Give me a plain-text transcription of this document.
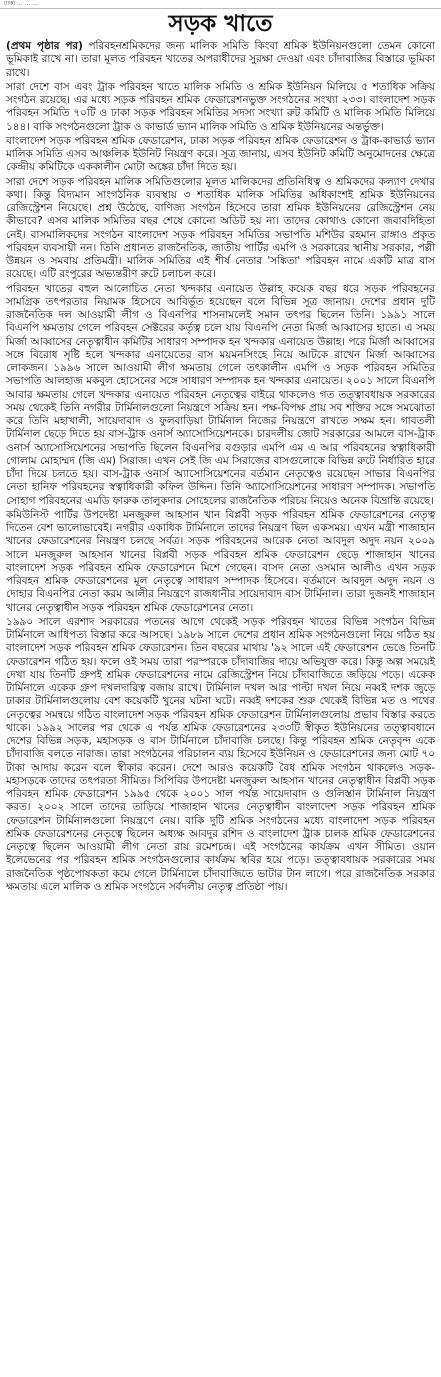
ঢাকা ... ... ...
সড়ক খাতে

(প্রথম পৃষ্ঠার পর) পরিবহনশ্রমিকদের জন্য মালিক সমিতি কিংবা শ্রমিক ইউনিয়নগুলো তেমন কোনো ভূমিকাই রাখে না। তারা মূলত পরিবহন খাতের অপরাধীদের সুরক্ষা দেওয়া এবং চাঁদাবাজির বিস্তারে ভূমিকা রাখে।

সারা দেশে বাস এবং ট্রাক পরিবহন খাতে মালিক সমিতি ও শ্রমিক ইউনিয়ন মিলিয়ে ৫ শতাধিক সক্রিয় সংগঠন রয়েছে। এর মধ্যে সড়ক পরিবহন শ্রমিক ফেডারেশনভুক্ত সংগঠনের সংখ্যা ২৩৩। বাংলাদেশ সড়ক পরিবহন সমিতি ৭০টি ও ঢাকা সড়ক পরিবহন সমিতির সদস্য সংখ্যা রুট কমিটি ও মালিক সমিতি মিলিয়ে ১৪৪। বাকি সংগঠনগুলো ট্রাক ও কাভার্ড ভ্যান মালিক সমিতি ও শ্রমিক ইউনিয়নের অন্তর্ভুক্ত।

বাংলাদেশ সড়ক পরিবহন শ্রমিক ফেডারেশন, ঢাকা সড়ক পরিবহন শ্রমিক ফেডারেশন ও ট্রাক-কাভার্ড ভ্যান মালিক সমিতি এসব আঞ্চলিক ইউনিট নিয়ন্ত্রণ করে। সূত্র জানায়, এসব ইউনিট কমিটি অনুমোদনের ক্ষেত্রে কেন্দ্রীয় কমিটিকে এককালীন মোটা অঙ্কের চাঁদা দিতে হয়।

সারা দেশে সড়ক পরিবহন মালিক সমিতিগুলোর মূলত মালিকদের প্রতিনিধিত্ব ও শ্রমিকদের কল্যাণ দেখার কথা। কিন্তু বিদ্যমান সাংগঠনিক ব্যবস্থায় ৩ শতাধিক মালিক সমিতির অধিকাংশই শ্রমিক ইউনিয়নের রেজিস্ট্রেশন নিয়েছে। প্রশ্ন উঠেছে, বাণিজ্য সংগঠন হিসেবে তারা শ্রমিক ইউনিয়নের রেজিস্ট্রেশন নেয় কীভাবে? এসব মালিক সমিতির বছর শেষে কোনো অডিট হয় না। তাদের কোথাও কোনো জবাবদিহিতা নেই। বাসমালিকদের সংগঠন বাংলাদেশ সড়ক পরিবহন সমিতির সভাপতি মশিউর রহমান রাঙ্গাও প্রকৃত পরিবহন ব্যবসায়ী নন। তিনি প্রধানত রাজনৈতিক, জাতীয় পার্টির এমপি ও সরকারের স্থানীয় সরকার, পল্লী উন্নয়ন ও সমবায় প্রতিমন্ত্রী। মালিক সমিতির এই শীর্ষ নেতার 'সঙ্কিতা' পরিবহন নামে একটি মাত্র বাস রয়েছে। এটি রংপুরের অভ্যন্তরীণ রুটে চলাচল করে।

পরিবহন খাতের বহুল আলোচিত নেতা খন্দকার এনায়েত উল্লাহ কয়েক বছর ধরে সড়ক পরিবহনের সামগ্রিক তৎপরতার নিয়ামক হিসেবে আবির্ভূত হয়েছেন বলে বিভিন্ন সূত্র জানায়। দেশের প্রধান দুটি রাজনৈতিক দল আওয়ামী লীগ ও বিএনপির শাসনামলেই সমান তৎপর ছিলেন তিনি। ১৯৯১ সালে বিএনপি ক্ষমতায় গেলে পরিবহন সেক্টরের কর্তৃত্ব চলে যায় বিএনপি নেতা মির্জা আব্বাসের হাতে। এ সময় মির্জা আব্বাসের নেতৃত্বাধীন কমিটির সাধারণ সম্পাদক হন খন্দকার এনায়েত উল্লাহ। পরে মির্জা আব্বাসের সঙ্গে বিরোধ সৃষ্টি হলে খন্দকার এনায়েতের বাস ময়মনসিংহে নিয়ে আটকে রাখেন মির্জা আব্বাসের লোকজন। ১৯৯৬ সালে আওয়ামী লীগ ক্ষমতায় গেলে তৎকালীন এমপি ও সড়ক পরিবহন সমিতির সভাপতি আলহাজ মকবুল হোসেনের সঙ্গে সাধারণ সম্পাদক হন খন্দকার এনায়েত। ২০০১ সালে বিএনপি আবার ক্ষমতায় গেলে খন্দকার এনায়েত পরিবহন নেতৃত্বের বাইরে থাকলেও গত তত্ত্বাবধায়ক সরকারের সময় থেকেই তিনি নগরীর টার্মিনালগুলো নিয়ন্ত্রণে সক্রিয় হন। পক্ষ-বিপক্ষ প্রায় সব শক্তির সঙ্গে সমঝোতা করে তিনি মহাখালী, সায়েদাবাদ ও ফুলবাড়িয়া টার্মিনাল নিজের নিয়ন্ত্রণে রাখতে সক্ষম হন। গাবতলী টার্মিনাল ছেড়ে দিতে হয় বাস-ট্রাক ওনার্স অ্যাসোসিয়েশনকে। চারদলীয় জোট সরকারের আমলে বাস-ট্রাক ওনার্স অ্যাসোসিয়েশনের সভাপতি ছিলেন বিএনপির বগুড়ার এমপি এম এ আর পরিবহনের স্বত্বাধিকারী গোলাম মোহাম্মদ (জি এম) সিরাজ। এখন সেই জি এম সিরাজের বাসগুলোকে বিভিন্ন রুটে নির্ধারিত হারে চাঁদা দিয়ে চলতে হয়। বাস-ট্রাক ওনার্স অ্যাসোসিয়েশনের বর্তমান নেতৃত্বেও রয়েছেন সাভার বিএনপির নেতা হানিফ পরিবহনের স্বত্বাধিকারী কফিল উদ্দিন। তিনি অ্যাসোসিয়েশনের সাধারণ সম্পাদক। সভাপতি সোহাগ পরিবহনের এমডি ফারুক তালুকদার সোহেলের রাজনৈতিক পরিচয় নিয়েও অনেক বিভ্রান্তি রয়েছে।

কমিউনিস্ট পার্টির উপদেষ্টা মনজুরুল আহসান খান বিপ্লবী সড়ক পরিবহন শ্রমিক ফেডারেশনের নেতৃত্ব দিতেন বেশ ভালোভাবেই। নগরীর একাধিক টার্মিনালে তাদের নিয়ন্ত্রণ ছিল একসময়। এখন মন্ত্রী শাজাহান খানের ফেডারেশনের নিয়ন্ত্রণ চলছে সর্বত্র। সড়ক পরিবহনের আরেক নেতা আবদুল অদুদ নয়ন ২০০৯ সালে মনজুরুল আহসান খানের বিপ্লবী সড়ক পরিবহন শ্রমিক ফেডারেশন ছেড়ে শাজাহান খানের বাংলাদেশ সড়ক পরিবহন শ্রমিক ফেডারেশনে মিশে গেছেন। বাসদ নেতা ওসমান আলীও এখন সড়ক পরিবহন শ্রমিক ফেডারেশনের মূল নেতৃত্বে সাধারণ সম্পাদক হিসেবে। বর্তমানে আবদুল অদুদ নয়ন ও দোহার বিএনপির নেতা করম আলীর নিয়ন্ত্রণে রাজধানীর সায়েদাবাদ বাস টার্মিনাল। তারা দুজনই শাজাহান খানের নেতৃত্বাধীন সড়ক পরিবহন শ্রমিক ফেডারেশনের নেতা।

১৯৯০ সালে এরশাদ সরকারের পতনের আগে থেকেই সড়ক পরিবহন খাতের বিভিন্ন সংগঠন বিভিন্ন টার্মিনালে আধিপত্য বিস্তার করে আসছে। ১৯৮৯ সালে দেশের প্রধান শ্রমিক সংগঠনগুলো নিয়ে গঠিত হয় বাংলাদেশ সড়ক পরিবহন শ্রমিক ফেডারেশন। তিন বছরের মাথায় '৯২ সালে এই ফেডারেশন ভেঙে তিনটি ফেডারেশন গঠিত হয়। ফলে ওই সময় তারা পরস্পরকে চাঁদাবাজির দায়ে অভিযুক্ত করে। কিন্তু অল্প সময়েই দেখা যায় তিনটি গ্রুপই শ্রমিক ফেডারেশনের নামে রেজিস্ট্রেশন নিয়ে চাঁদাবাজিতে জড়িয়ে পড়ে। একেক টার্মিনালে একেক গ্রুপ দখলদারিত্ব বজায় রাখে। টার্মিনাল দখল আর পাল্টা দখল নিয়ে নব্বই দশক জুড়ে ঢাকার টার্মিনালগুলোয় বেশ কয়েকটি খুনের ঘটনা ঘটে। নব্বই দশকের শুরু থেকেই বিভিন্ন মত ও পথের নেতৃত্বের সমন্বয়ে গঠিত বাংলাদেশ সড়ক পরিবহন শ্রমিক ফেডারেশন টার্মিনালগুলোয় প্রভাব বিস্তার করতে থাকে। ১৯৯২ সালের পর থেকে এ পর্যন্ত শ্রমিক ফেডারেশনের ২৩৩টি স্বীকৃত ইউনিয়নের তত্ত্বাবধানে দেশের বিভিন্ন সড়ক, মহাসড়ক ও বাস টার্মিনালে চাঁদাবাজি চলছে। কিন্তু পরিবহন শ্রমিক নেতৃবৃন্দ একে চাঁদাবাজি বলতে নারাজ। তারা সংগঠনের পরিচালন ব্যয় হিসেবে ইউনিয়ন ও ফেডারেশনের জন্য মোট ৭০ টাকা আদায় করেন বলে স্বীকার করেন। দেশে আরও কয়েকটি বৈধ শ্রমিক সংগঠন থাকলেও সড়ক-মহাসড়কে তাদের তৎপরতা সীমিত। সিপিবির উপদেষ্টা মনজুরুল আহসান খানের নেতৃত্বাধীন বিপ্লবী সড়ক পরিবহন শ্রমিক ফেডারেশন ১৯৯৫ থেকে ২০০১ সাল পর্যন্ত সায়েদাবাদ ও গুলিস্তান টার্মিনাল নিয়ন্ত্রণ করত। ২০০২ সালে তাদের তাড়িয়ে শাজাহান খানের নেতৃত্বাধীন বাংলাদেশ সড়ক পরিবহন শ্রমিক ফেডারেশন টার্মিনালগুলো নিয়ন্ত্রণে নেয়। বাকি দুটি শ্রমিক সংগঠনের মধ্যে বাংলাদেশ সড়ক পরিবহন শ্রমিক ফেডারেশনের নেতৃত্বে ছিলেন অধ্যক্ষ আবদুর রশিদ ও বাংলাদেশ ট্রাক চালক শ্রমিক ফেডারেশনের নেতৃত্বে ছিলেন আওয়ামী লীগ নেতা রায় রমেশচন্দ্র। এই সংগঠনের কার্যক্রম এখন সীমিত। ওয়ান ইলেভেনের পর পরিবহন শ্রমিক সংগঠনগুলোর কার্যক্রম স্থবির হয়ে পড়ে। তত্ত্বাবধায়ক সরকারের সময় রাজনৈতিক পৃষ্ঠপোষকতা কমে গেলে টার্মিনালে চাঁদাবাজিতে ভাটার টান লাগে। পরে রাজনৈতিক সরকার ক্ষমতায় এলে মালিক ও শ্রমিক সংগঠনে সর্বদলীয় নেতৃত্ব প্রতিষ্ঠা পায়।
